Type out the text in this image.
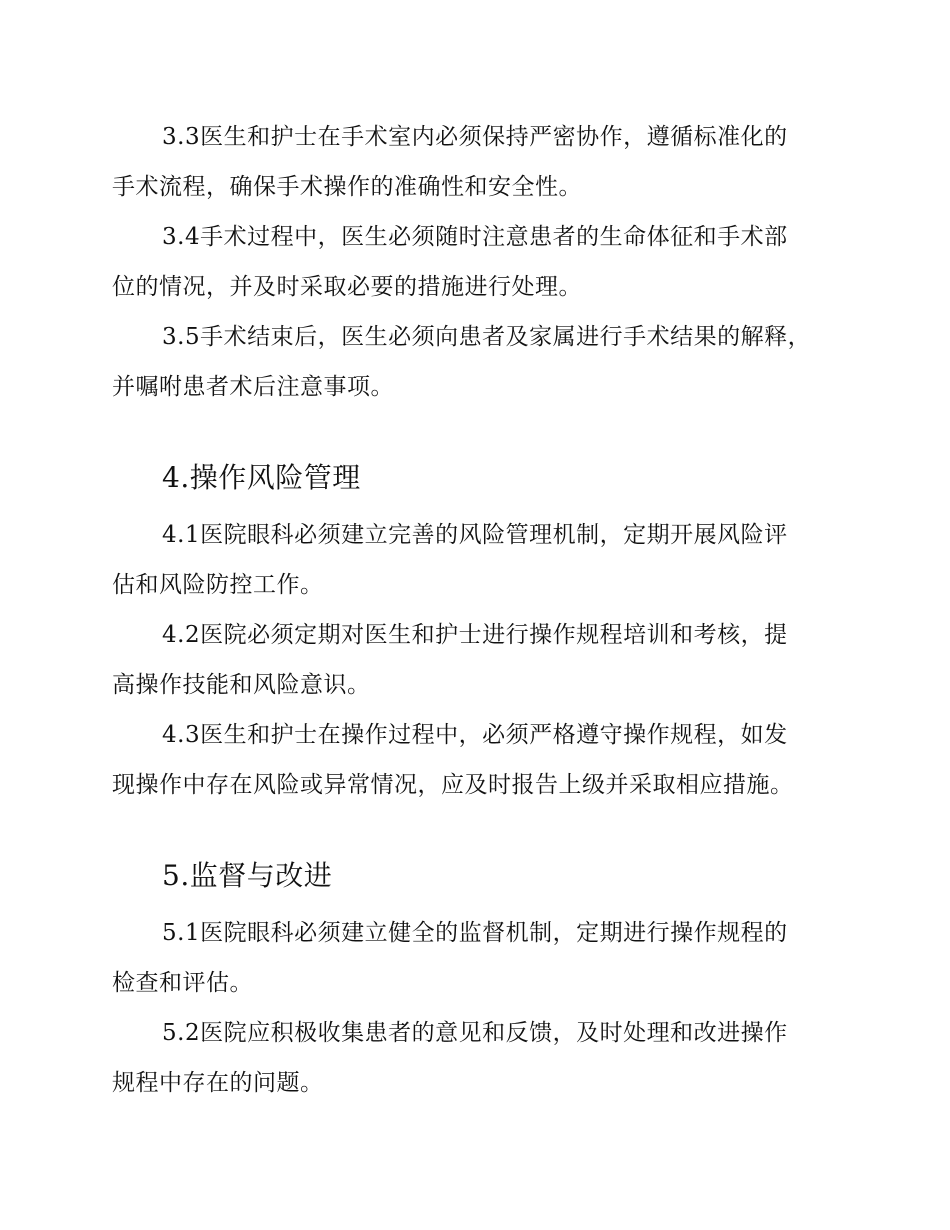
3.3医生和护士在手术室内必须保持严密协作，遵循标准化的
手术流程，确保手术操作的准确性和安全性。
3.4手术过程中，医生必须随时注意患者的生命体征和手术部
位的情况，并及时采取必要的措施进行处理。
3.5手术结束后，医生必须向患者及家属进行手术结果的解释，
并嘱咐患者术后注意事项。
4.操作风险管理
4.1医院眼科必须建立完善的风险管理机制，定期开展风险评
估和风险防控工作。
4.2医院必须定期对医生和护士进行操作规程培训和考核，提
高操作技能和风险意识。
4.3医生和护士在操作过程中，必须严格遵守操作规程，如发
现操作中存在风险或异常情况，应及时报告上级并采取相应措施。
5.监督与改进
5.1医院眼科必须建立健全的监督机制，定期进行操作规程的
检查和评估。
5.2医院应积极收集患者的意见和反馈，及时处理和改进操作
规程中存在的问题。
